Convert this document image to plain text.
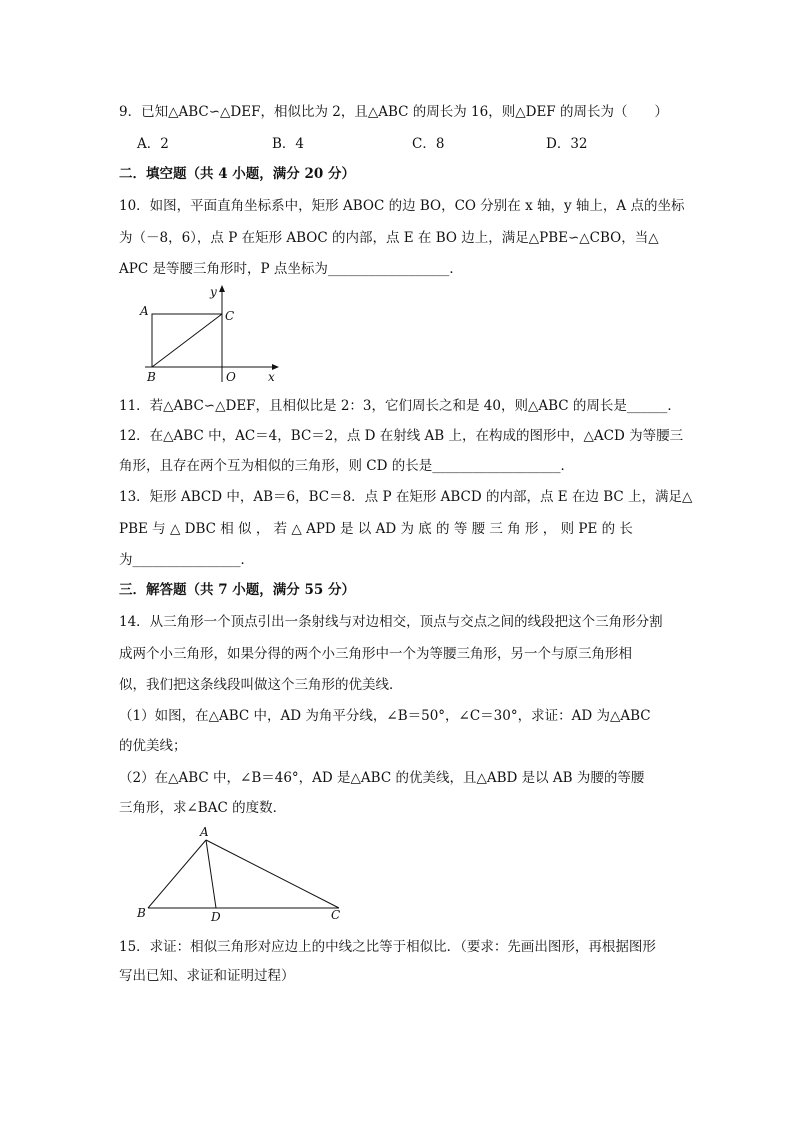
9．已知△ABC∽△DEF，相似比为 2，且△ABC 的周长为 16，则△DEF 的周长为（　　）
A．2	B．4	C．8	D．32
二．填空题（共 4 小题，满分 20 分）
10．如图，平面直角坐标系中，矩形 ABOC 的边 BO，CO 分别在 x 轴，y 轴上，A 点的坐标
为（－8，6），点 P 在矩形 ABOC 的内部，点 E 在 BO 边上，满足△PBE∽△CBO，当△
APC 是等腰三角形时，P 点坐标为__________________．
A	C
B	O	x
y
11．若△ABC∽△DEF，且相似比是 2：3，它们周长之和是 40，则△ABC 的周长是______．
12．在△ABC 中，AC＝4，BC＝2，点 D 在射线 AB 上，在构成的图形中，△ACD 为等腰三
角形，且存在两个互为相似的三角形，则 CD 的长是___________________．
13．矩形 ABCD 中，AB＝6，BC＝8．点 P 在矩形 ABCD 的内部，点 E 在边 BC 上，满足△
PBE 与 △ DBC 相 似 ， 若 △ APD 是 以 AD 为 底 的 等 腰 三 角 形 ， 则 PE 的 长
为________________．
三．解答题（共 7 小题，满分 55 分）
14．从三角形一个顶点引出一条射线与对边相交，顶点与交点之间的线段把这个三角形分割
成两个小三角形，如果分得的两个小三角形中一个为等腰三角形，另一个与原三角形相
似，我们把这条线段叫做这个三角形的优美线．
（1）如图，在△ABC 中，AD 为角平分线，∠B＝50°，∠C＝30°，求证：AD 为△ABC
的优美线；
（2）在△ABC 中，∠B＝46°，AD 是△ABC 的优美线，且△ABD 是以 AB 为腰的等腰
三角形，求∠BAC 的度数．
A
B	D	C
15．求证：相似三角形对应边上的中线之比等于相似比．（要求：先画出图形，再根据图形
写出已知、求证和证明过程）
